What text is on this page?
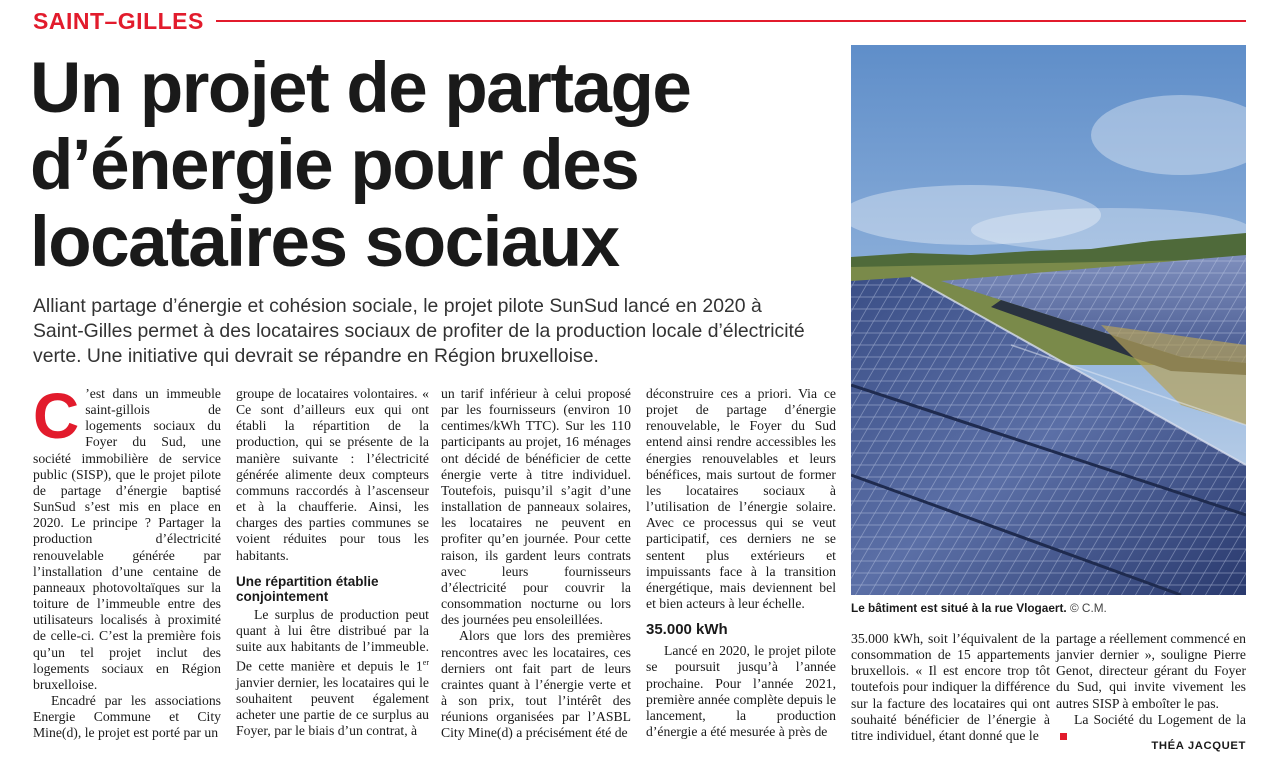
SAINT–GILLES
Un projet de partage d’énergie pour des locataires sociaux

Alliant partage d’énergie et cohésion sociale, le projet pilote SunSud lancé en 2020 à Saint-Gilles permet à des locataires sociaux de profiter de la production locale d’électricité verte. Une initiative qui devrait se répandre en Région bruxelloise.

Le bâtiment est situé à la rue Vlogaert. © C.M.

C ’est dans un immeuble saint-gillois de logements sociaux du Foyer du Sud, une société immobilière de service public (SISP), que le projet pilote de partage d’énergie baptisé SunSud s’est mis en place en 2020. Le principe ? Partager la production d’électricité renouvelable générée par l’installation d’une centaine de panneaux photovoltaïques sur la toiture de l’immeuble entre des utilisateurs localisés à proximité de celle-ci. C’est la première fois qu’un tel projet inclut des logements sociaux en Région bruxelloise.

Encadré par les associations Energie Commune et City Mine(d), le projet est porté par un

groupe de locataires volontaires. « Ce sont d’ailleurs eux qui ont établi la répartition de la production, qui se présente de la manière suivante : l’électricité générée alimente deux compteurs communs raccordés à l’ascenseur et à la chaufferie. Ainsi, les charges des parties communes se voient réduites pour tous les habitants.

Une répartition établie conjointement

Le surplus de production peut quant à lui être distribué par la suite aux habitants de l’immeuble. De cette manière et depuis le 1er janvier dernier, les locataires qui le souhaitent peuvent également acheter une partie de ce surplus au Foyer, par le biais d’un contrat, à

un tarif inférieur à celui proposé par les fournisseurs (environ 10 centimes/kWh TTC). Sur les 110 participants au projet, 16 ménages ont décidé de bénéficier de cette énergie verte à titre individuel. Toutefois, puisqu’il s’agit d’une installation de panneaux solaires, les locataires ne peuvent en profiter qu’en journée. Pour cette raison, ils gardent leurs contrats avec leurs fournisseurs d’électricité pour couvrir la consommation nocturne ou lors des journées peu ensoleillées.

Alors que lors des premières rencontres avec les locataires, ces derniers ont fait part de leurs craintes quant à l’énergie verte et à son prix, tout l’intérêt des réunions organisées par l’ASBL City Mine(d) a précisément été de

déconstruire ces a priori. Via ce projet de partage d’énergie renouvelable, le Foyer du Sud entend ainsi rendre accessibles les énergies renouvelables et leurs bénéfices, mais surtout de former les locataires sociaux à l’utilisation de l’énergie solaire. Avec ce processus qui se veut participatif, ces derniers ne se sentent plus extérieurs et impuissants face à la transition énergétique, mais deviennent bel et bien acteurs à leur échelle.

35.000 kWh

Lancé en 2020, le projet pilote se poursuit jusqu’à l’année prochaine. Pour l’année 2021, première année complète depuis le lancement, la production d’énergie a été mesurée à près de

35.000 kWh, soit l’équivalent de la consommation de 15 appartements bruxellois. « Il est encore trop tôt toutefois pour indiquer la différence sur la facture des locataires qui ont souhaité bénéficier de l’énergie à titre individuel, étant donné que le

partage a réellement commencé en janvier dernier », souligne Pierre Genot, directeur gérant du Foyer du Sud, qui invite vivement les autres SISP à emboîter le pas.

La Société du Logement de la

THÉA JACQUET
